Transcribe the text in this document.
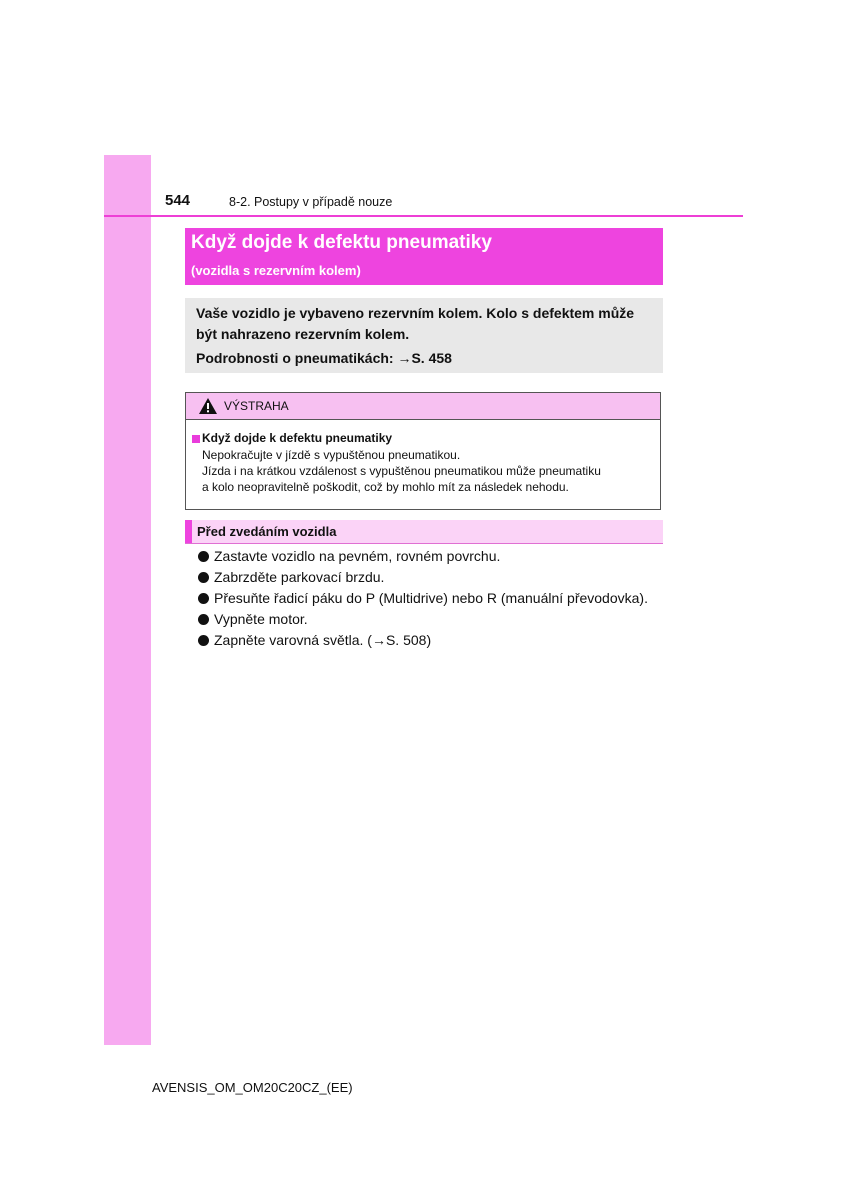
544	8-2. Postupy v případě nouze
Když dojde k defektu pneumatiky
(vozidla s rezervním kolem)

Vaše vozidlo je vybaveno rezervním kolem. Kolo s defektem může

být nahrazeno rezervním kolem.

Podrobnosti o pneumatikách: →S. 458

VÝSTRAHA
Když dojde k defektu pneumatiky
Nepokračujte v jízdě s vypuštěnou pneumatikou.
Jízda i na krátkou vzdálenost s vypuštěnou pneumatikou může pneumatiku
a kolo neopravitelně poškodit, což by mohlo mít za následek nehodu.
Před zvedáním vozidla
Zastavte vozidlo na pevném, rovném povrchu.
Zabrzděte parkovací brzdu.
Přesuňte řadicí páku do P (Multidrive) nebo R (manuální převodovka).
Vypněte motor.
Zapněte varovná světla. (→S. 508)
AVENSIS_OM_OM20C20CZ_(EE)
